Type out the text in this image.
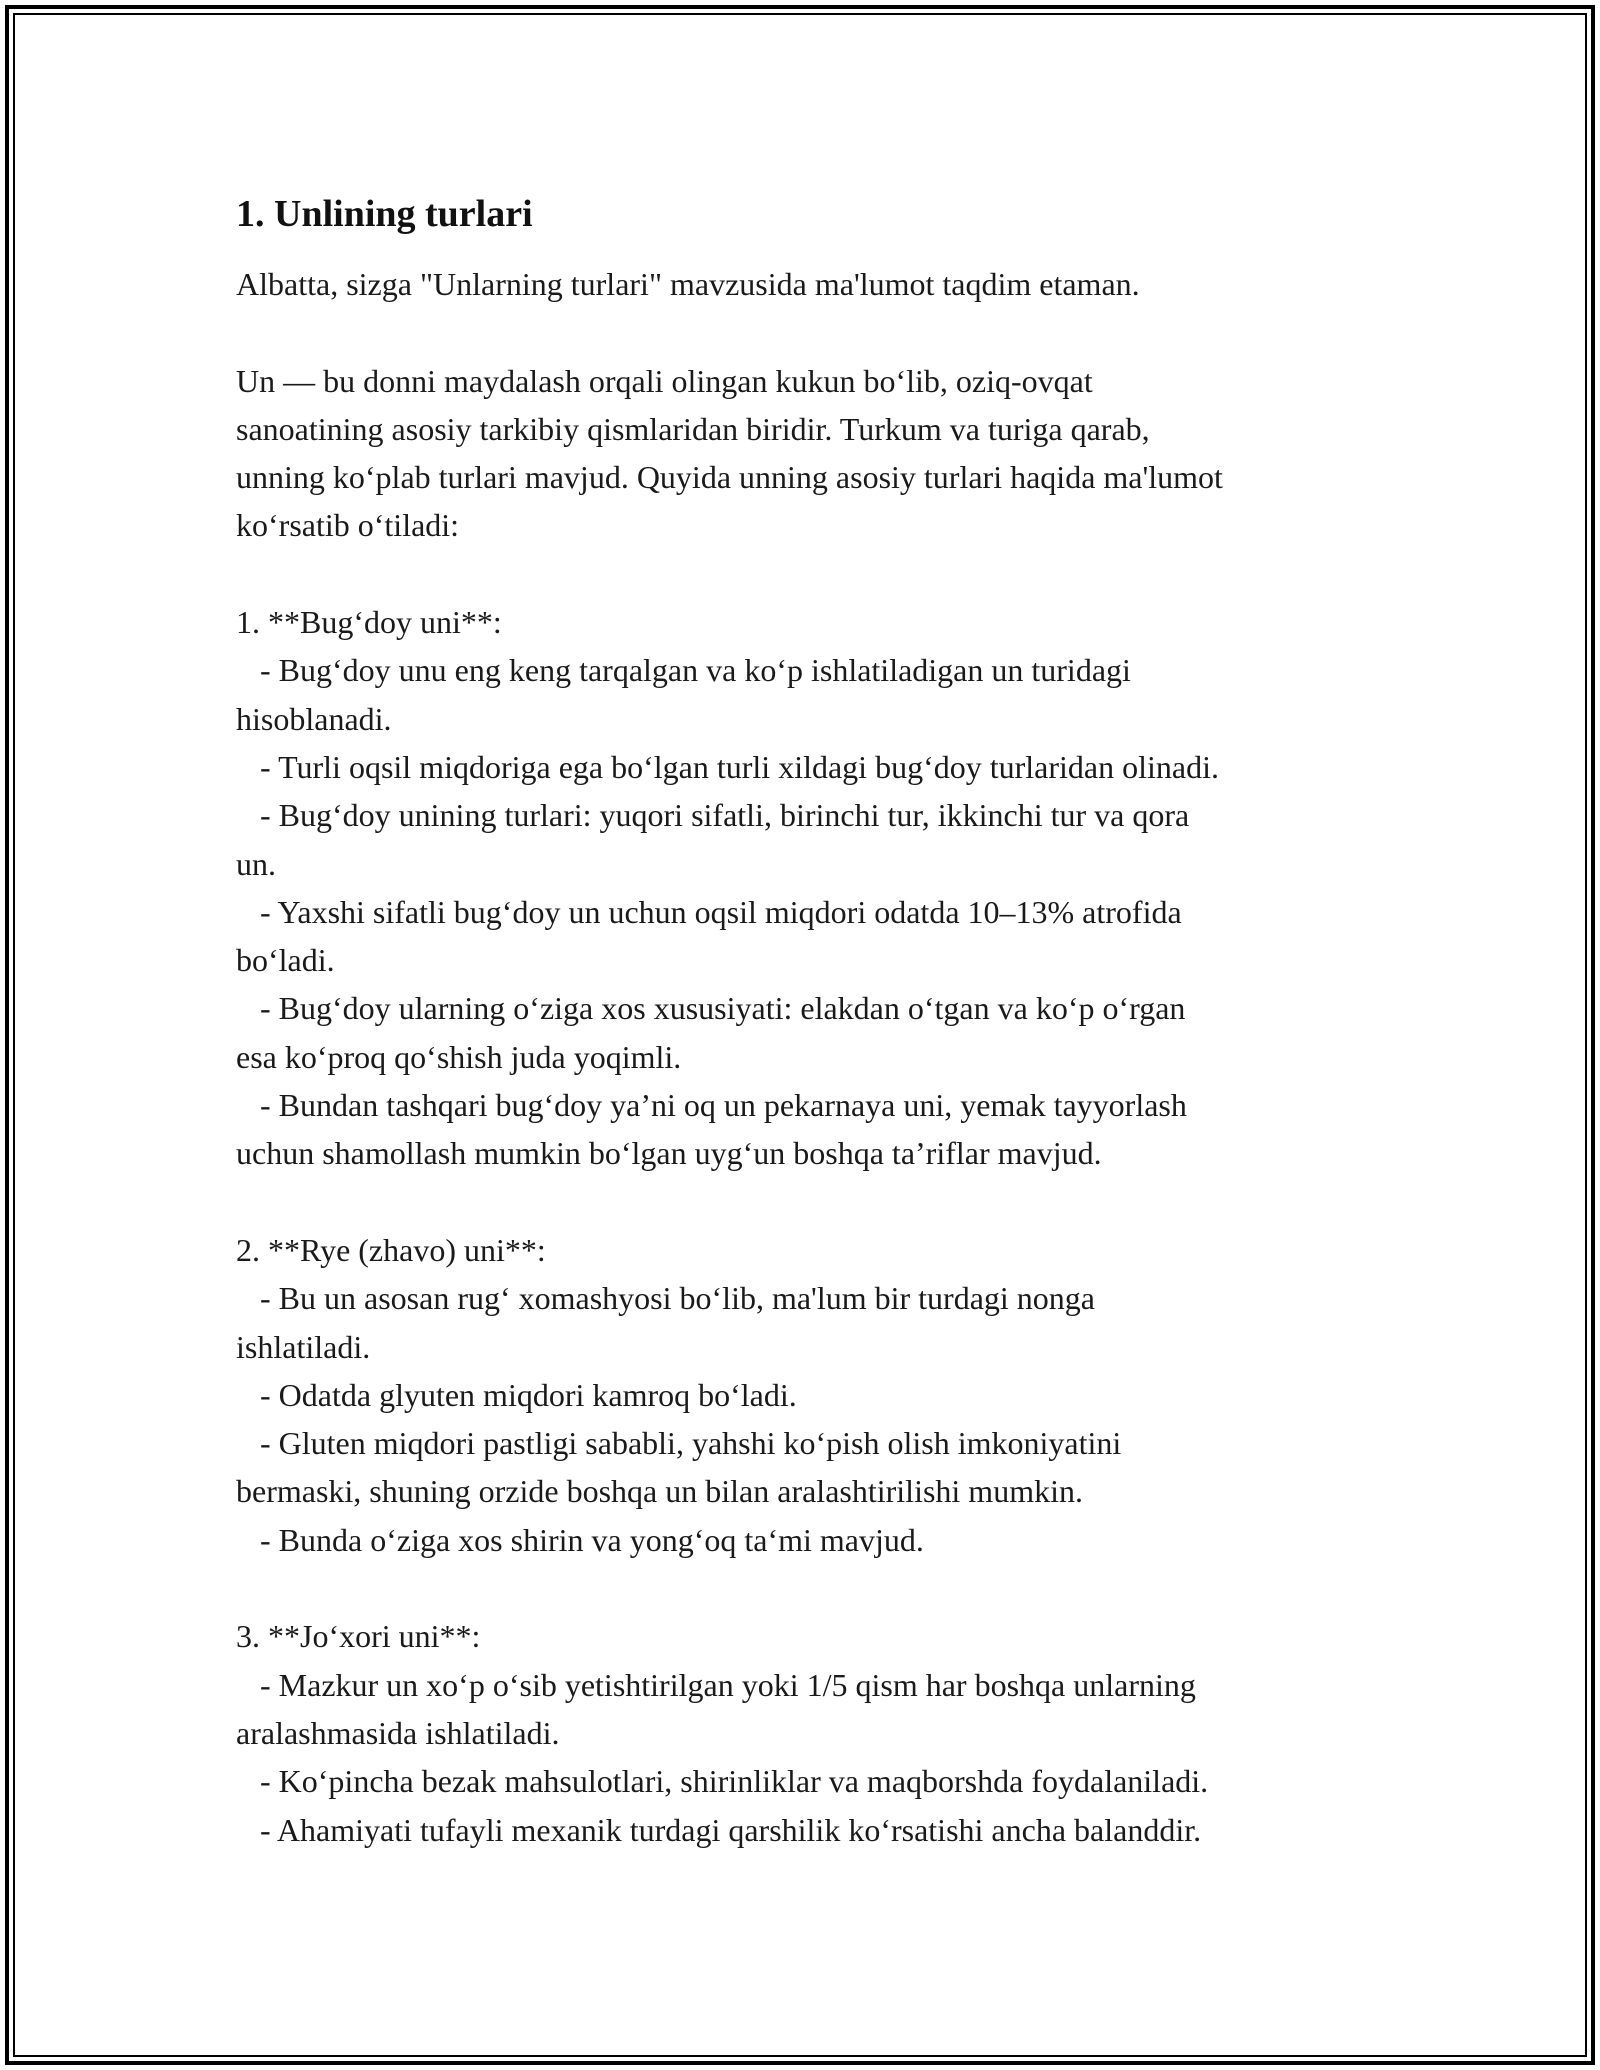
1. Unlining turlari

Albatta, sizga "Unlarning turlari" mavzusida ma'lumot taqdim etaman.

Un — bu donni maydalash orqali olingan kukun bo‘lib, oziq-ovqat

sanoatining asosiy tarkibiy qismlaridan biridir. Turkum va turiga qarab,

unning ko‘plab turlari mavjud. Quyida unning asosiy turlari haqida ma'lumot

ko‘rsatib o‘tiladi:

1. **Bug‘doy uni**:

- Bug‘doy unu eng keng tarqalgan va ko‘p ishlatiladigan un turidagi

hisoblanadi.

- Turli oqsil miqdoriga ega bo‘lgan turli xildagi bug‘doy turlaridan olinadi.

- Bug‘doy unining turlari: yuqori sifatli, birinchi tur, ikkinchi tur va qora

un.

- Yaxshi sifatli bug‘doy un uchun oqsil miqdori odatda 10–13% atrofida

bo‘ladi.

- Bug‘doy ularning o‘ziga xos xususiyati: elakdan o‘tgan va ko‘p o‘rgan

esa ko‘proq qo‘shish juda yoqimli.

- Bundan tashqari bug‘doy ya’ni oq un pekarnaya uni, yemak tayyorlash

uchun shamollash mumkin bo‘lgan uyg‘un boshqa ta’riflar mavjud.

2. **Rye (zhavo) uni**:

- Bu un asosan rug‘ xomashyosi bo‘lib, ma'lum bir turdagi nonga

ishlatiladi.

- Odatda glyuten miqdori kamroq bo‘ladi.

- Gluten miqdori pastligi sababli, yahshi ko‘pish olish imkoniyatini

bermaski, shuning orzide boshqa un bilan aralashtirilishi mumkin.

- Bunda o‘ziga xos shirin va yong‘oq ta‘mi mavjud.

3. **Jo‘xori uni**:

- Mazkur un xo‘p o‘sib yetishtirilgan yoki 1/5 qism har boshqa unlarning

aralashmasida ishlatiladi.

- Ko‘pincha bezak mahsulotlari, shirinliklar va maqborshda foydalaniladi.

- Ahamiyati tufayli mexanik turdagi qarshilik ko‘rsatishi ancha balanddir.
